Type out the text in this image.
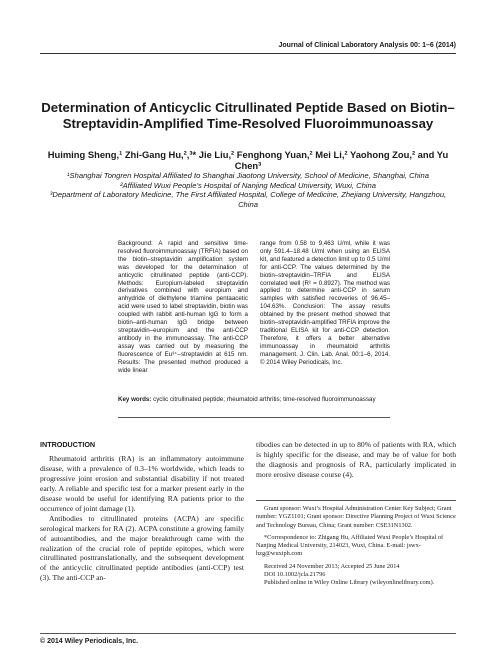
Journal of Clinical Laboratory Analysis 00: 1–6 (2014)
Determination of Anticyclic Citrullinated Peptide Based on Biotin–Streptavidin-Amplified Time-Resolved Fluoroimmunoassay
Huiming Sheng,¹ Zhi-Gang Hu,²,³* Jie Liu,² Fenghong Yuan,² Mei Li,² Yaohong Zou,² and Yu Chen³
¹Shanghai Tongren Hospital Affiliated to Shanghai Jiaotong University, School of Medicine, Shanghai, China
²Affiliated Wuxi People’s Hospital of Nanjing Medical University, Wuxi, China
³Department of Laboratory Medicine, The First Affiliated Hospital, College of Medicine, Zhejiang University, Hangzhou, China
Background: A rapid and sensitive time-resolved fluoroimmunoassay (TRFIA) based on the biotin–streptavidin amplification system was developed for the determination of anticyclic citrullinated peptide (anti-CCP). Methods: Europium-labeled streptavidin derivatives combined with europium and anhydride of diethylene triamine pentaacetic acid were used to label streptavidin, biotin was coupled with rabbit anti-human IgG to form a biotin–anti-human IgG bridge between streptavidin–europium and the anti-CCP antibody in the immunoassay. The anti-CCP assay was carried out by measuring the fluorescence of Eu³⁺–streptavidin at 615 nm. Results: The presented method produced a wide linear
range from 0.58 to 9,463 U/ml, while it was only 591.4–18.48 U/ml when using an ELISA kit, and featured a detection limit up to 0.5 U/ml for anti-CCP. The values determined by the biotin–streptavidin–TRFIA and ELISA correlated well (R² = 0.8927). The method was applied to determine anti-CCP in serum samples with satisfied recoveries of 96.45–104.63%. Conclusion: The assay results obtained by the present method showed that biotin–streptavidin-amplified TRFIA improve the traditional ELISA kit for anti-CCP detection. Therefore, it offers a better alternative immunoassay in rheumatoid arthritis management. J. Clin. Lab. Anal. 00:1–6, 2014. © 2014 Wiley Periodicals, Inc.
Key words: cyclic citrullinated peptide; rheumatoid arthritis; time-resolved fluoroimmunoassay
INTRODUCTION

Rheumatoid arthritis (RA) is an inflammatory autoimmune disease, with a prevalence of 0.3–1% worldwide, which leads to progressive joint erosion and substantial disability if not treated early. A reliable and specific test for a marker present early in the disease would be useful for identifying RA patients prior to the occurrence of joint damage (1).

Antibodies to citrullinated proteins (ACPA) are specific serological markers for RA (2). ACPA constitute a growing family of autoantibodies, and the major breakthrough came with the realization of the crucial role of peptide epitopes, which were citrullinated posttranslationally, and the subsequent development of the anticyclic citrullinated peptide antibodies (anti-CCP) test (3). The anti-CCP an-

tibodies can be detected in up to 80% of patients with RA, which is highly specific for the disease, and may be of value for both the diagnosis and prognosis of RA, particularly implicated in more erosive disease course (4).

Grant sponsor: Wuxi’s Hospital Administration Center Key Subject; Grant number: YGZ1101; Grant sponsor: Directive Planning Project of Wuxi Science and Technology Bureau, China; Grant number: CSE31N1302.

*Correspondence to: Zhigang Hu, Affiliated Wuxi People’s Hospital of Nanjing Medical University, 214023, Wuxi, China. E-mail: jswx-hzg@wuxiph.com

Received 24 November 2013; Accepted 25 June 2014

DOI 10.1002/jcla.21796

Published online in Wiley Online Library (wileyonlinelibrary.com).

© 2014 Wiley Periodicals, Inc.
